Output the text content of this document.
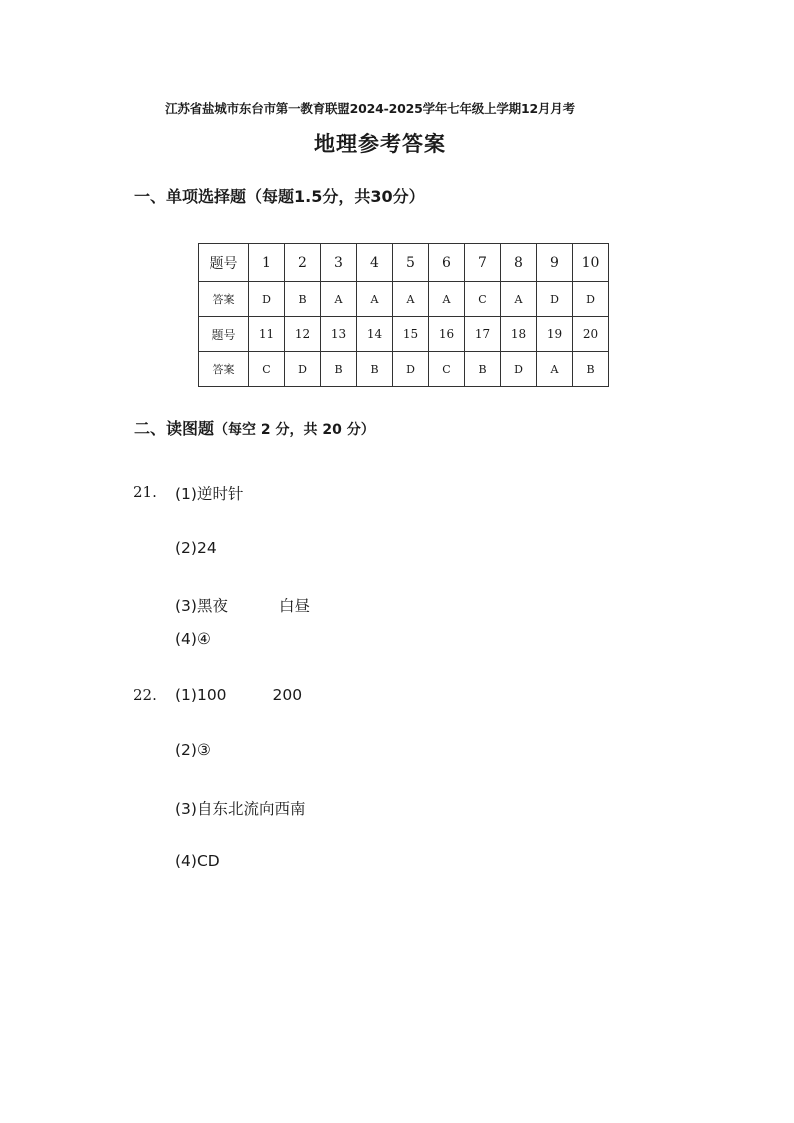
江苏省盐城市东台市第一教育联盟2024-2025学年七年级上学期12月月考
地理参考答案
一、单项选择题（每题1.5分，共30分）
题号	1	2	3	4	5	6	7	8	9	10
答案	D	B	A	A	A	A	C	A	D	D
题号	11	12	13	14	15	16	17	18	19	20
答案	C	D	B	B	D	C	B	D	A	B
二、读图题（每空 2 分，共 20 分）
21. (1)逆时针
(2)24
(3)黑夜	白昼
(4)④
22. (1)100	200
(2)③
(3)自东北流向西南
(4)CD
